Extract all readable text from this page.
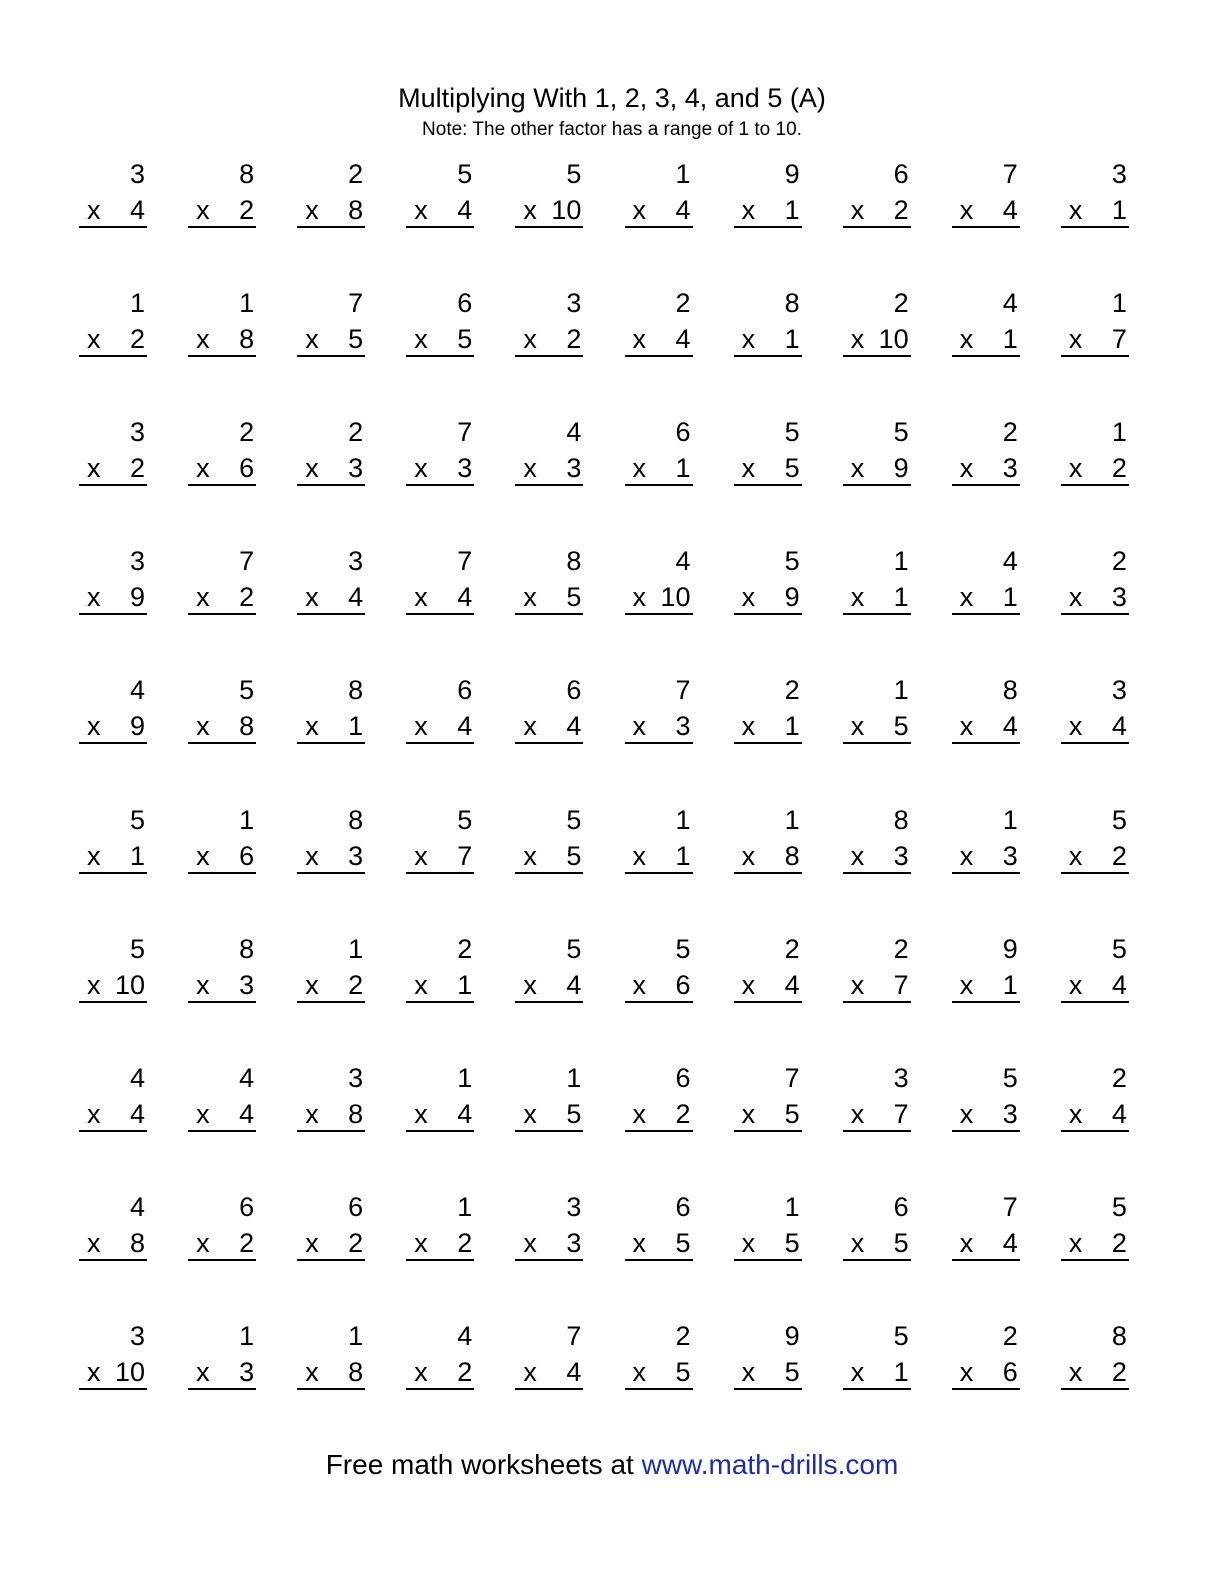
Multiplying With 1, 2, 3, 4, and 5 (A)
Note: The other factor has a range of 1 to 10.
3
x 4
8
x 2
2
x 8
5
x 4
5
x 10
1
x 4
9
x 1
6
x 2
7
x 4
3
x 1
1
x 2
1
x 8
7
x 5
6
x 5
3
x 2
2
x 4
8
x 1
2
x 10
4
x 1
1
x 7
3
x 2
2
x 6
2
x 3
7
x 3
4
x 3
6
x 1
5
x 5
5
x 9
2
x 3
1
x 2
3
x 9
7
x 2
3
x 4
7
x 4
8
x 5
4
x 10
5
x 9
1
x 1
4
x 1
2
x 3
4
x 9
5
x 8
8
x 1
6
x 4
6
x 4
7
x 3
2
x 1
1
x 5
8
x 4
3
x 4
5
x 1
1
x 6
8
x 3
5
x 7
5
x 5
1
x 1
1
x 8
8
x 3
1
x 3
5
x 2
5
x 10
8
x 3
1
x 2
2
x 1
5
x 4
5
x 6
2
x 4
2
x 7
9
x 1
5
x 4
4
x 4
4
x 4
3
x 8
1
x 4
1
x 5
6
x 2
7
x 5
3
x 7
5
x 3
2
x 4
4
x 8
6
x 2
6
x 2
1
x 2
3
x 3
6
x 5
1
x 5
6
x 5
7
x 4
5
x 2
3
x 10
1
x 3
1
x 8
4
x 2
7
x 4
2
x 5
9
x 5
5
x 1
2
x 6
8
x 2
Free math worksheets at www.math-drills.com
